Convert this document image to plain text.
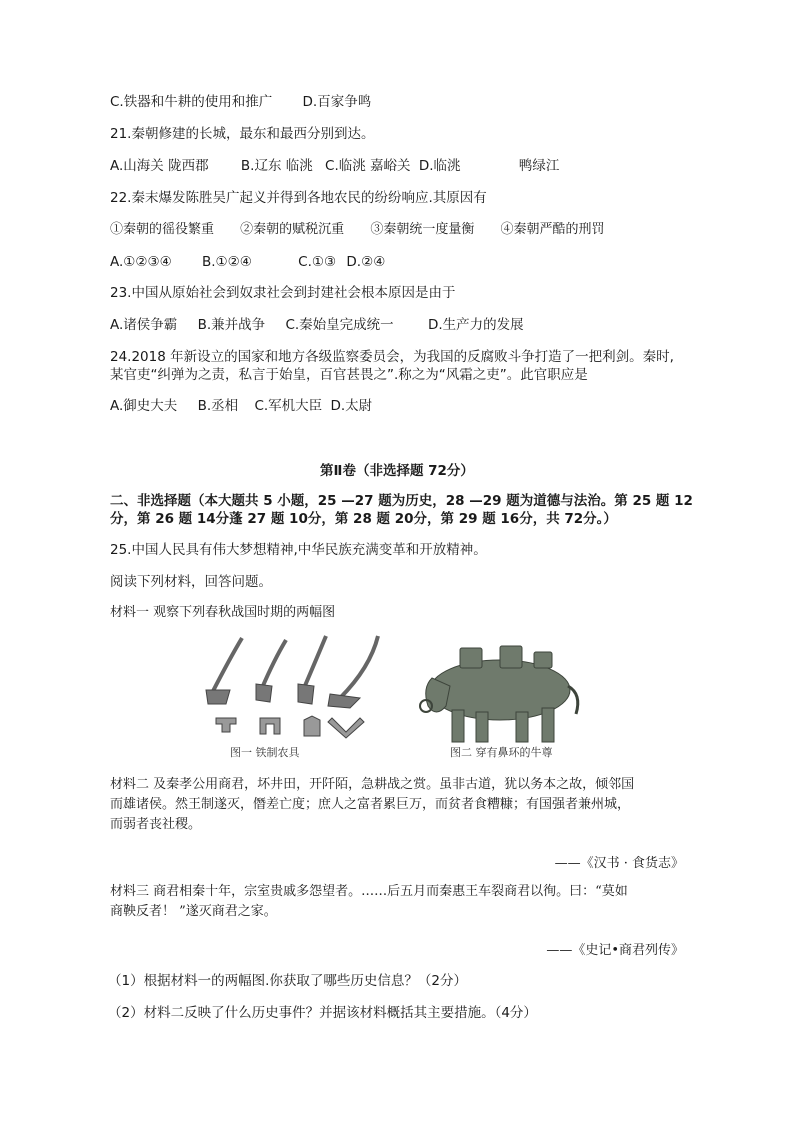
C.铁器和牛耕的使用和推广 D.百家争鸣
21.秦朝修建的长城，最东和最西分别到达。
A.山海关 陇西郡 B.辽东 临洮 C.临洮 嘉峪关 D.临洮	鸭绿江
22.秦末爆发陈胜吴广起义并得到各地农民的纷纷响应.其原因有
①秦朝的徭役繁重 ②秦朝的赋税沉重 ③秦朝统一度量衡 ④秦朝严酷的刑罚
A.①②③④ B.①②④	C.①③ D.②④
23.中国从原始社会到奴隶社会到封建社会根本原因是由于
A.诸侯争霸 B.兼并战争 C.秦始皇完成统一	D.生产力的发展
24.2018 年新设立的国家和地方各级监察委员会，为我国的反腐败斗争打造了一把利剑。秦时,
某官吏“纠弹为之责，私言于始皇，百官甚畏之”.称之为“风霜之吏”。此官职应是
A.御史大夫 B.丞相 C.军机大臣 D.太尉
第Ⅱ卷（非选择题 72分）
二、非选择题（本大题共 5 小题，25 —27 题为历史，28 —29 题为道德与法治。第 25 题 12
分，第 26 题 14分蓬 27 题 10分，第 28 题 20分，第 29 题 16分，共 72分。）
25.中国人民具有伟大梦想精神,中华民族充满变革和开放精神。
阅读下列材料，回答问题。
材料一 观察下列春秋战国时期的两幅图
图一 铁制农具	图二 穿有鼻环的牛尊
材料二 及秦孝公用商君，坏井田，开阡陌，急耕战之赏。虽非古道，犹以务本之故，倾邻国
而雄诸侯。然王制遂灭，僭差亡度；庶人之富者累巨万，而贫者食糟糠；有国强者兼州城，
而弱者丧社稷。
——《汉书 · 食货志》
材料三 商君相秦十年，宗室贵戚多怨望者。……后五月而秦惠王车裂商君以徇。曰：“莫如
商鞅反者！ ”遂灭商君之家。
——《史记•商君列传》
（1）根据材料一的两幅图.你获取了哪些历史信息？（2分）
（2）材料二反映了什么历史事件？并据该材料概括其主要措施。（4分）
